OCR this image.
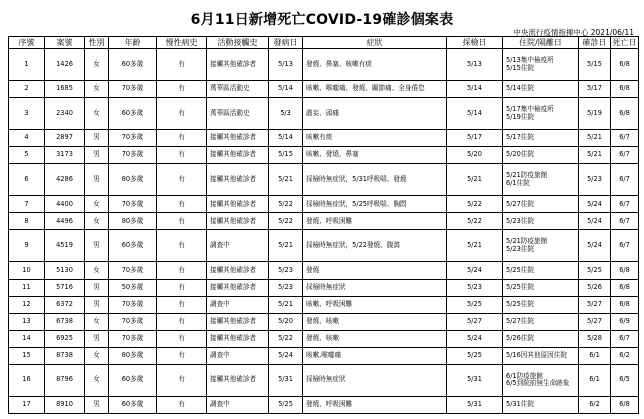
6月11日新增死亡COVID-19確診個案表
中央流行疫情指揮中心 2021/06/11
序號	案號	性別	年齡	慢性病史	活動接觸史	發病日	症狀	採檢日	住院/隔離日	確診日	死亡日
1	1426	女	60多歲	有	接觸其他確診者	5/13	發燒、鼻塞、咳嗽有痰	5/13	5/13集中檢疫所
5/15住院	5/15	6/8
2	1685	女	70多歲	有	萬華區活動史	5/14	咳嗽、喉嚨痛、發燒、關節痛、全身倦怠	5/14	5/14住院	5/17	6/8
3	2340	女	60多歲	有	萬華區活動史	5/3	譫妄、頭痛	5/14	5/17集中檢疫所
5/19住院	5/19	6/8
4	2897	男	70多歲	有	接觸其他確診者	5/14	咳嗽有痰	5/17	5/17住院	5/21	6/7
5	3173	男	70多歲	有	接觸其他確診者	5/15	咳嗽、發燒、鼻塞	5/20	5/20住院	5/21	6/7
6	4286	男	80多歲	有	接觸其他確診者	5/21	採檢時無症狀，5/31呼吸喘、發燒	5/21	5/21防疫旅館
6/1住院	5/23	6/7
7	4400	女	70多歲	有	接觸其他確診者	5/22	採檢時無症狀，5/25呼吸喘、胸悶	5/22	5/27住院	5/24	6/7
8	4496	女	80多歲	有	接觸其他確診者	5/22	發燒、呼吸困難	5/22	5/23住院	5/24	6/7
9	4519	男	60多歲	有	調查中	5/21	採檢時無症狀，5/22發燒、腹瀉	5/21	5/21防疫旅館
5/23住院	5/24	6/7
10	5130	女	70多歲	有	接觸其他確診者	5/23	發燒	5/24	5/25住院	5/25	6/8
11	5716	男	50多歲	有	接觸其他確診者	5/23	採檢時無症狀	5/23	5/25住院	5/26	6/8
12	6372	男	70多歲	有	調查中	5/21	咳嗽、呼吸困難	5/25	5/25住院	5/27	6/8
13	6738	女	70多歲	有	接觸其他確診者	5/20	發燒、咳嗽	5/27	5/27住院	5/27	6/9
14	6925	男	70多歲	有	接觸其他確診者	5/22	發燒、咳嗽	5/24	5/26住院	5/28	6/7
15	8738	女	80多歲	有	調查中	5/24	咳嗽,喉嚨痛	5/25	5/16因其他原因住院	6/1	6/2
16	8796	女	60多歲	有	接觸其他確診者	5/31	採檢時無症狀	5/31	6/1防疫旅館
6/5到院前無生命跡象	6/1	6/5
17	8910	男	60多歲	有	調查中	5/25	發燒、呼吸困難	5/31	5/31住院	6/2	6/8
